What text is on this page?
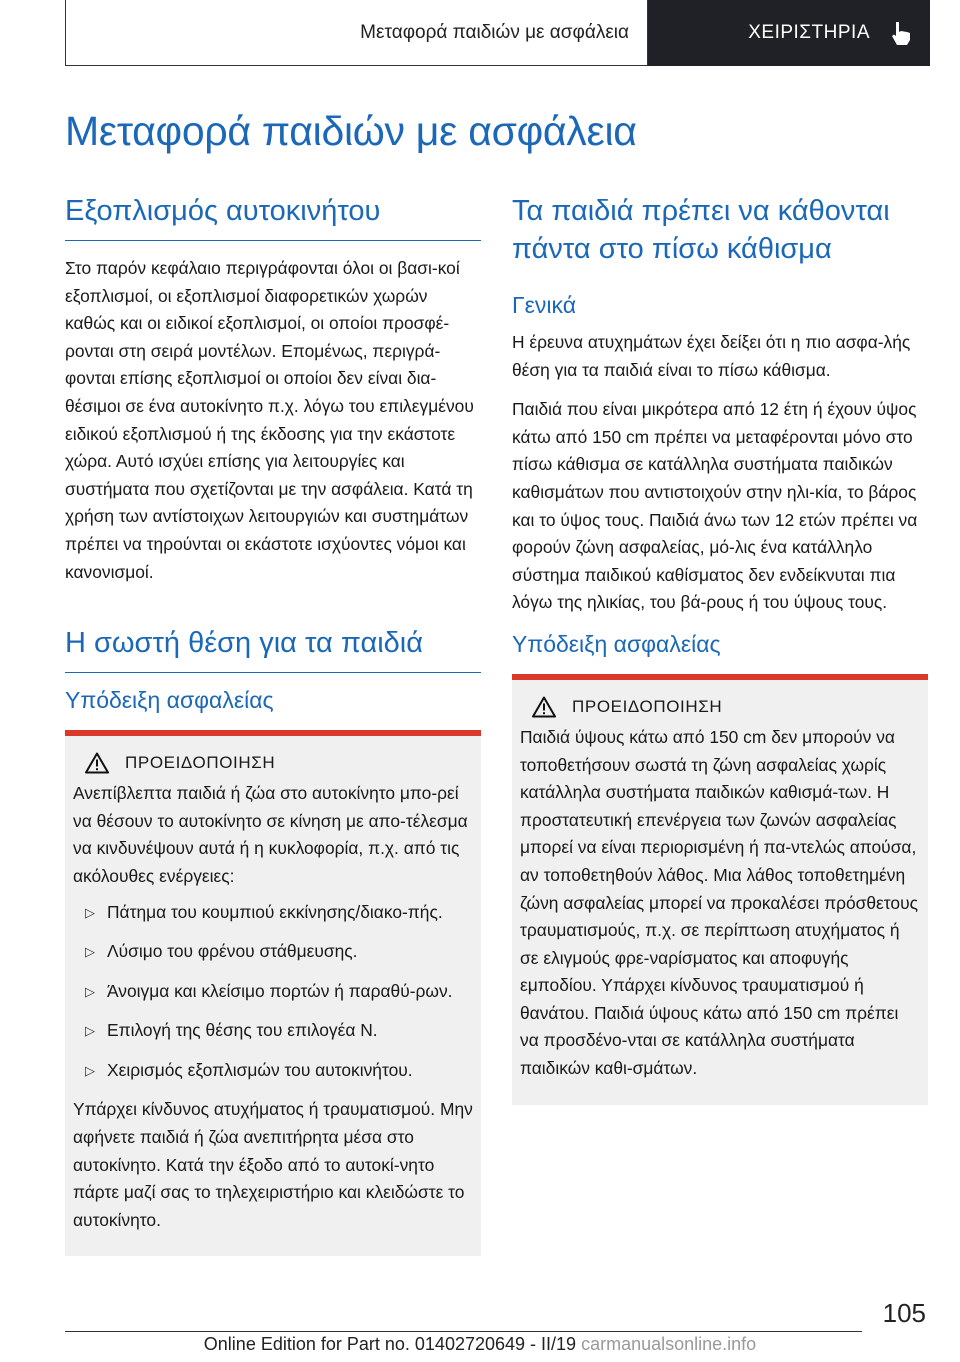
Μεταφορά παιδιών με ασφάλεια	ΧΕΙΡΙΣΤΗΡΙΑ
Μεταφορά παιδιών με ασφάλεια
Εξοπλισμός αυτοκινήτου

Στο παρόν κεφάλαιο περιγράφονται όλοι οι βασι‐κοί εξοπλισμοί, οι εξοπλισμοί διαφορετικών χωρών καθώς και οι ειδικοί εξοπλισμοί, οι οποίοι προσφέ‐ρονται στη σειρά μοντέλων. Επομένως, περιγρά‐φονται επίσης εξοπλισμοί οι οποίοι δεν είναι δια‐θέσιμοι σε ένα αυτοκίνητο π.χ. λόγω του επιλεγμένου ειδικού εξοπλισμού ή της έκδοσης για την εκάστοτε χώρα. Αυτό ισχύει επίσης για λειτουργίες και συστήματα που σχετίζονται με την ασφάλεια. Κατά τη χρήση των αντίστοιχων λειτουργιών και συστημάτων πρέπει να τηρούνται οι εκάστοτε ισχύοντες νόμοι και κανονισμοί.

Η σωστή θέση για τα παιδιά
Υπόδειξη ασφαλείας
ΠΡΟΕΙΔΟΠΟΙΗΣΗ

Ανεπίβλεπτα παιδιά ή ζώα στο αυτοκίνητο μπο‐ρεί να θέσουν το αυτοκίνητο σε κίνηση με απο‐τέλεσμα να κινδυνέψουν αυτά ή η κυκλοφορία, π.χ. από τις ακόλουθες ενέργειες:

▷ Πάτημα του κουμπιού εκκίνησης/διακο‐πής.
▷ Λύσιμο του φρένου στάθμευσης.
▷ Άνοιγμα και κλείσιμο πορτών ή παραθύ‐ρων.
▷ Επιλογή της θέσης του επιλογέα N.
▷ Χειρισμός εξοπλισμών του αυτοκινήτου.

Υπάρχει κίνδυνος ατυχήματος ή τραυματισμού. Μην αφήνετε παιδιά ή ζώα ανεπιτήρητα μέσα στο αυτοκίνητο. Κατά την έξοδο από το αυτοκί‐νητο πάρτε μαζί σας το τηλεχειριστήριο και κλειδώστε το αυτοκίνητο.

Τα παιδιά πρέπει να κάθονται πάντα στο πίσω κάθισμα
Γενικά

Η έρευνα ατυχημάτων έχει δείξει ότι η πιο ασφα‐λής θέση για τα παιδιά είναι το πίσω κάθισμα.

Παιδιά που είναι μικρότερα από 12 έτη ή έχουν ύψος κάτω από 150 cm πρέπει να μεταφέρονται μόνο στο πίσω κάθισμα σε κατάλληλα συστήματα παιδικών καθισμάτων που αντιστοιχούν στην ηλι‐κία, το βάρος και το ύψος τους. Παιδιά άνω των 12 ετών πρέπει να φορούν ζώνη ασφαλείας, μό‐λις ένα κατάλληλο σύστημα παιδικού καθίσματος δεν ενδείκνυται πια λόγω της ηλικίας, του βά‐ρους ή του ύψους τους.

Υπόδειξη ασφαλείας
ΠΡΟΕΙΔΟΠΟΙΗΣΗ

Παιδιά ύψους κάτω από 150 cm δεν μπορούν να τοποθετήσουν σωστά τη ζώνη ασφαλείας χωρίς κατάλληλα συστήματα παιδικών καθισμά‐των. Η προστατευτική επενέργεια των ζωνών ασφαλείας μπορεί να είναι περιορισμένη ή πα‐ντελώς απούσα, αν τοποθετηθούν λάθος. Μια λάθος τοποθετημένη ζώνη ασφαλείας μπορεί να προκαλέσει πρόσθετους τραυματισμούς, π.χ. σε περίπτωση ατυχήματος ή σε ελιγμούς φρε‐ναρίσματος και αποφυγής εμποδίου. Υπάρχει κίνδυνος τραυματισμού ή θανάτου. Παιδιά ύψους κάτω από 150 cm πρέπει να προσδένο‐νται σε κατάλληλα συστήματα παιδικών καθι‐σμάτων.

105
Online Edition for Part no. 01402720649 - II/19 carmanualsonline.info
